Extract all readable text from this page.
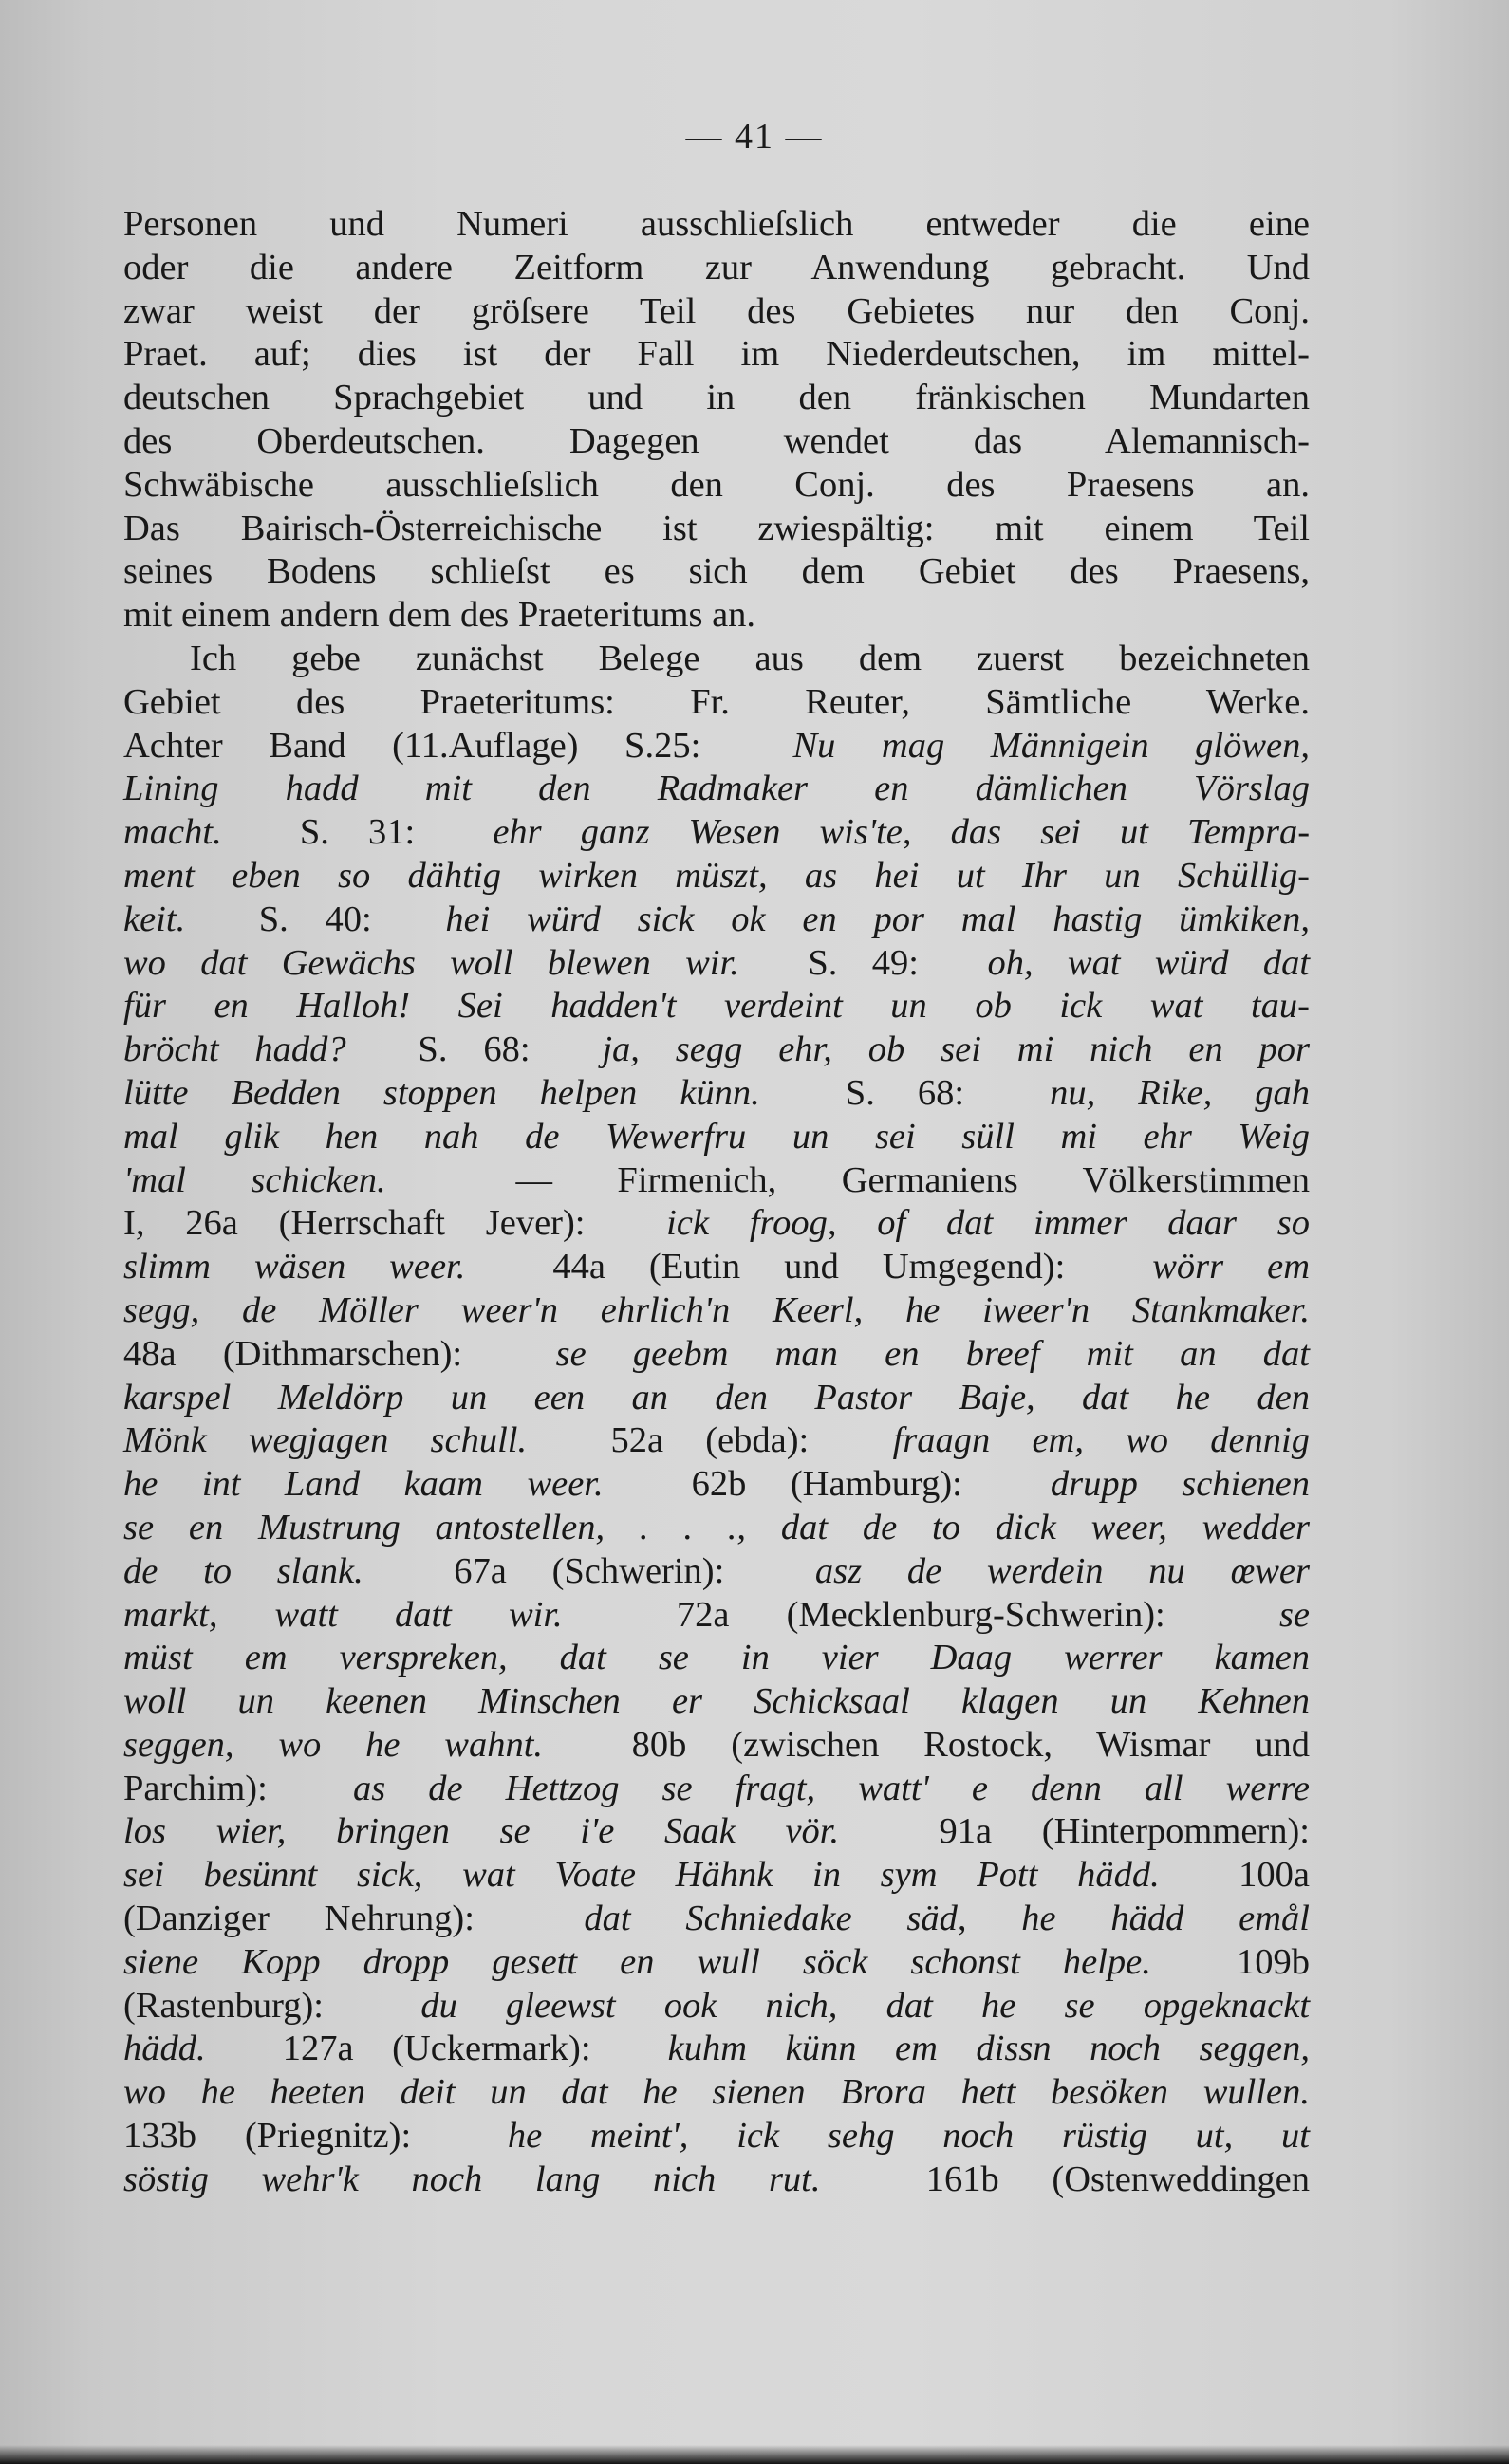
— 41 —
Personen und Numeri ausschlieſslich entweder die eine
oder die andere Zeitform zur Anwendung gebracht. Und
zwar weist der gröſsere Teil des Gebietes nur den Conj.
Praet. auf; dies ist der Fall im Niederdeutschen, im mittel-
deutschen Sprachgebiet und in den fränkischen Mundarten
des Oberdeutschen. Dagegen wendet das Alemannisch-
Schwäbische ausschlieſslich den Conj. des Praesens an.
Das Bairisch-Österreichische ist zwiespältig: mit einem Teil
seines Bodens schlieſst es sich dem Gebiet des Praesens,
mit einem andern dem des Praeteritums an.
Ich gebe zunächst Belege aus dem zuerst bezeichneten
Gebiet des Praeteritums: Fr. Reuter, Sämtliche Werke.
Achter Band (11.Auflage) S.25:  Nu mag Männigein glöwen,
Lining hadd mit den Radmaker en dämlichen Vörslag
macht.  S. 31:  ehr ganz Wesen wis'te, das sei ut Tempra-
ment eben so dähtig wirken müszt, as hei ut Ihr un Schüllig-
keit.  S. 40:  hei würd sick ok en por mal hastig ümkiken,
wo dat Gewächs woll blewen wir.  S. 49:  oh, wat würd dat
für en Halloh! Sei hadden't verdeint un ob ick wat tau-
bröcht hadd?  S. 68:  ja, segg ehr, ob sei mi nich en por
lütte Bedden stoppen helpen künn.  S. 68:  nu, Rike, gah
mal glik hen nah de Wewerfru un sei süll mi ehr Weig
'mal schicken.  — Firmenich, Germaniens Völkerstimmen
I, 26a (Herrschaft Jever):  ick froog, of dat immer daar so
slimm wäsen weer.  44a (Eutin und Umgegend):  wörr em
segg, de Möller weer'n ehrlich'n Keerl, he iweer'n Stankmaker.
48a (Dithmarschen):  se geebm man en breef mit an dat
karspel Meldörp un een an den Pastor Baje, dat he den
Mönk wegjagen schull.  52a (ebda):  fraagn em, wo dennig
he int Land kaam weer.  62b (Hamburg):  drupp schienen
se en Mustrung antostellen, . . ., dat de to dick weer, wedder
de to slank.  67a (Schwerin):  asz de werdein nu œwer
markt, watt datt wir.  72a (Mecklenburg-Schwerin):  se
müst em verspreken, dat se in vier Daag werrer kamen
woll un keenen Minschen er Schicksaal klagen un Kehnen
seggen, wo he wahnt.  80b (zwischen Rostock, Wismar und
Parchim):  as de Hettzog se fragt, watt' e denn all werre
los wier, bringen se i'e Saak vör.  91a (Hinterpommern):
sei besünnt sick, wat Voate Hähnk in sym Pott hädd.  100a
(Danziger Nehrung):  dat Schniedake säd, he hädd emål
siene Kopp dropp gesett en wull söck schonst helpe.  109b
(Rastenburg):  du gleewst ook nich, dat he se opgeknackt
hädd.  127a (Uckermark):  kuhm künn em dissn noch seggen,
wo he heeten deit un dat he sienen Brora hett besöken wullen.
133b (Priegnitz):  he meint', ick sehg noch rüstig ut, ut
söstig wehr'k noch lang nich rut.  161b (Ostenweddingen
